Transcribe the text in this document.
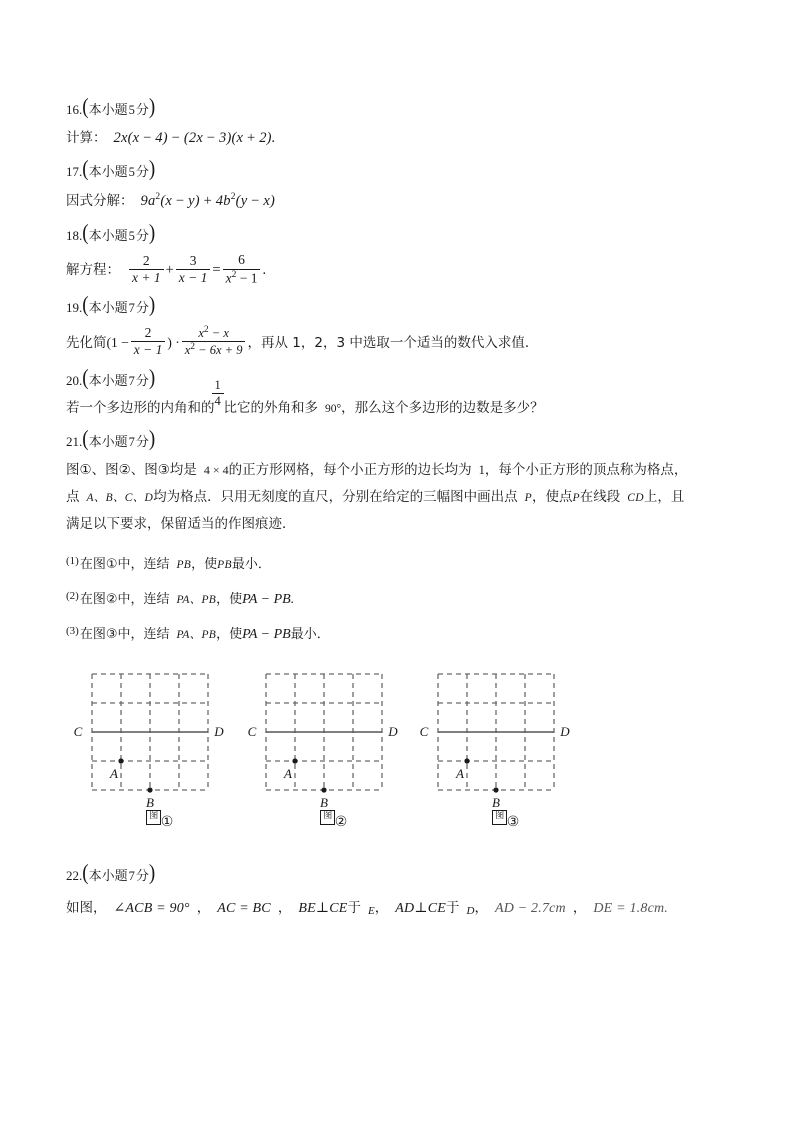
16.(本小题5分)
计算： 2x(x − 4) − (2x − 3)(x + 2).
17.(本小题5分)
因式分解： $9a^2(x - y) + 4b^2(y - x)$
18.(本小题5分)
解方程： $\frac{2}{x + 1} + \frac{3}{x - 1} = \frac{6}{x^2 - 1}$ .
19.(本小题7分)
先化简($1 - \frac{2}{x - 1}$ ) · $\frac{x^2 - x}{x^2 - 6x + 9}$ ，再从 1，2，3 中选取一个适当的数代入求值．
20.(本小题7分)
若一个多边形的内角和的
$\frac{1}{4}$
比它的外角和多 90°，那么这个多边形的边数是多少？
21.(本小题7分)
图①、图②、图③均是 4 × 4的正方形网格，每个小正方形的边长均为 1，每个小正方形的顶点称为格点，
点 A、B、C、D均为格点．只用无刻度的直尺，分别在给定的三幅图中画出点 P，使点P在线段 CD上，且
满足以下要求，保留适当的作图痕迹．
$^{(1)}$在图①中，连结 PB，使PB最小．
$^{(2)}$在图②中，连结 PA、PB，使PA − PB.
$^{(3)}$在图③中，连结 PA、PB，使PA − PB最小．
C	D
A
B
图 ①
C	D
A
B
图 ②
C	D
A
B
图 ③
22.(本小题7分)
如图， ∠ACB = 90° ， AC = BC ， BE⊥CE于 E， AD⊥CE于 D， AD − 2.7cm ， DE = 1.8cm.
